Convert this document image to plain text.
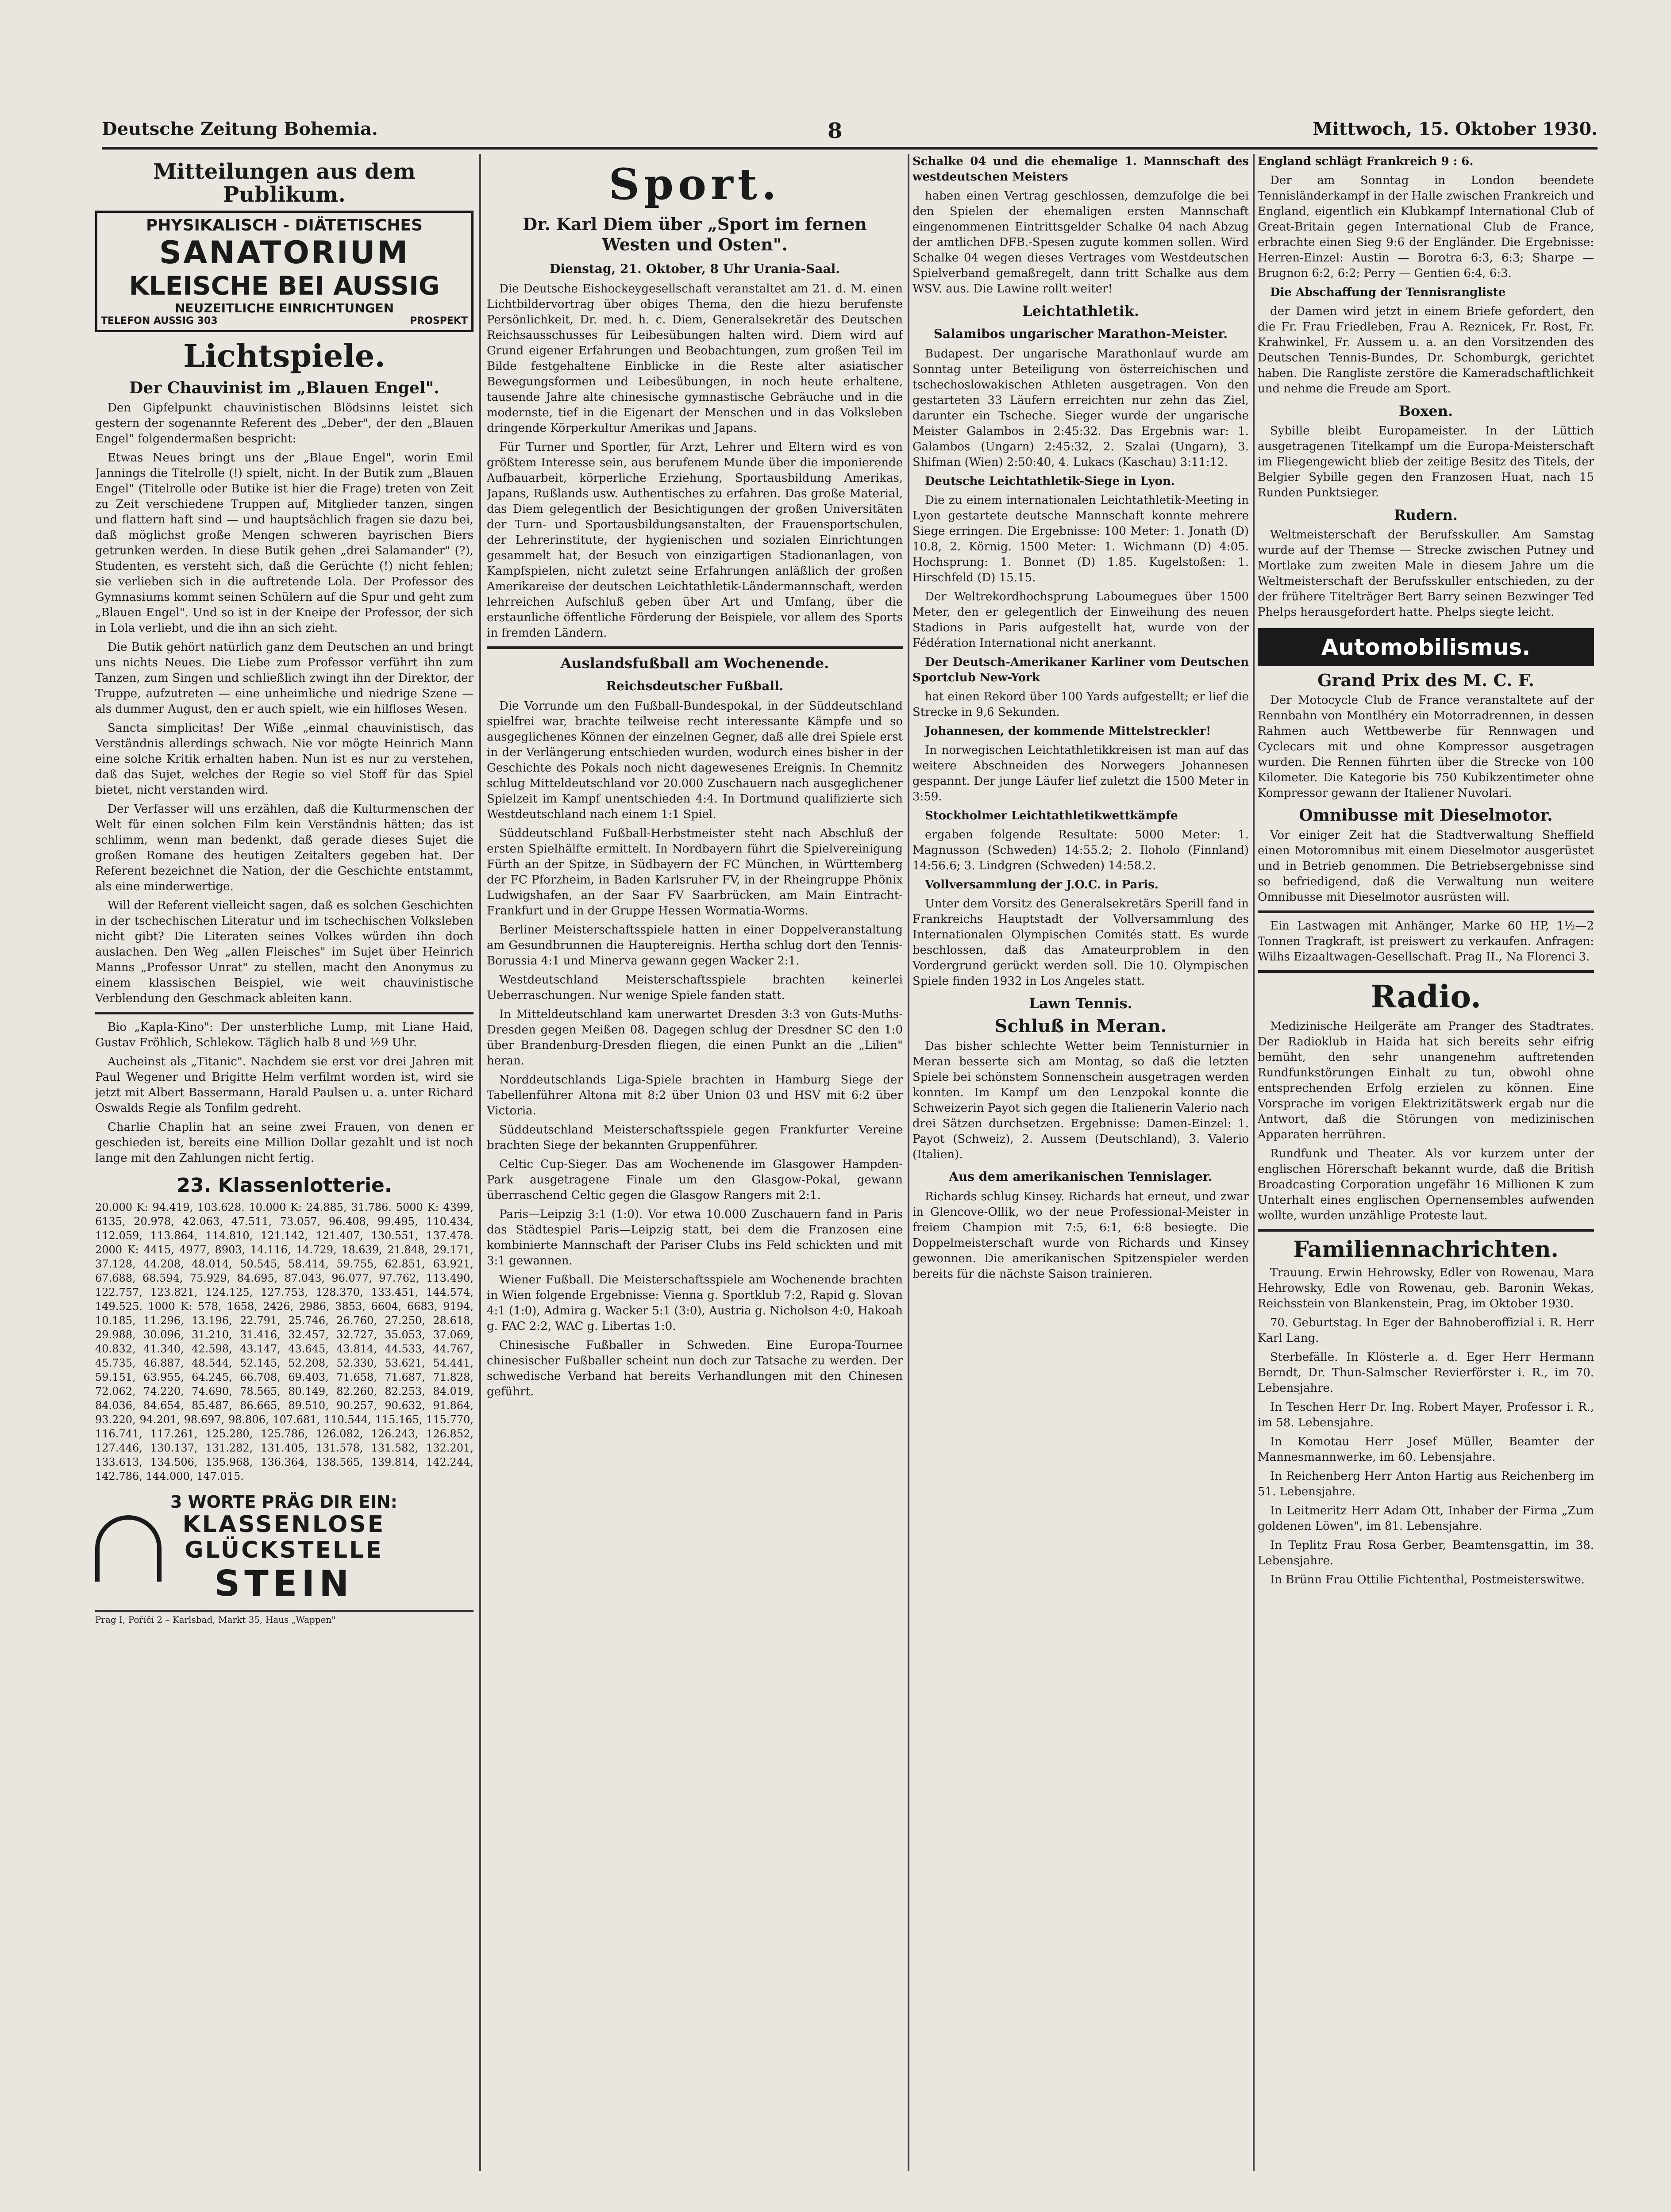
Deutsche Zeitung Bohemia.	8	Mittwoch, 15. Oktober 1930.
Mitteilungen aus dem Publikum.
PHYSIKALISCH - DIÄTETISCHES
SANATORIUM
KLEISCHE BEI AUSSIG
NEUZEITLICHE EINRICHTUNGEN
TELEFON AUSSIG 303	PROSPEKT
Lichtspiele.
Der Chauvinist im „Blauen Engel".

Den Gipfelpunkt chauvinistischen Blödsinns leistet sich gestern der sogenannte Referent des „Deber", der den „Blauen Engel" folgendermaßen bespricht:

Etwas Neues bringt uns der „Blaue Engel", worin Emil Jannings die Titelrolle (!) spielt, nicht. In der Butik zum „Blauen Engel" (Titelrolle oder Butike ist hier die Frage) treten von Zeit zu Zeit verschiedene Truppen auf, Mitglieder tanzen, singen und flattern haft sind — und hauptsächlich fragen sie dazu bei, daß möglichst große Mengen schweren bayrischen Biers getrunken werden. In diese Butik gehen „drei Salamander" (?), Studenten, es versteht sich, daß die Gerüchte (!) nicht fehlen; sie verlieben sich in die auftretende Lola. Der Professor des Gymnasiums kommt seinen Schülern auf die Spur und geht zum „Blauen Engel". Und so ist in der Kneipe der Professor, der sich in Lola verliebt, und die ihn an sich zieht.

Die Butik gehört natürlich ganz dem Deutschen an und bringt uns nichts Neues. Die Liebe zum Professor verführt ihn zum Tanzen, zum Singen und schließlich zwingt ihn der Direktor, der Truppe, aufzutreten — eine unheimliche und niedrige Szene — als dummer August, den er auch spielt, wie ein hilfloses Wesen.

Sancta simplicitas! Der Wiße „einmal chauvinistisch, das Verständnis allerdings schwach. Nie vor mögte Heinrich Mann eine solche Kritik erhalten haben. Nun ist es nur zu verstehen, daß das Sujet, welches der Regie so viel Stoff für das Spiel bietet, nicht verstanden wird.

Der Verfasser will uns erzählen, daß die Kulturmenschen der Welt für einen solchen Film kein Verständnis hätten; das ist schlimm, wenn man bedenkt, daß gerade dieses Sujet die großen Romane des heutigen Zeitalters gegeben hat. Der Referent bezeichnet die Nation, der die Geschichte entstammt, als eine minderwertige.

Will der Referent vielleicht sagen, daß es solchen Geschichten in der tschechischen Literatur und im tschechischen Volksleben nicht gibt? Die Literaten seines Volkes würden ihn doch auslachen. Den Weg „allen Fleisches" im Sujet über Heinrich Manns „Professor Unrat" zu stellen, macht den Anonymus zu einem klassischen Beispiel, wie weit chauvinistische Verblendung den Geschmack ableiten kann.

Bio „Kapla-Kino": Der unsterbliche Lump, mit Liane Haid, Gustav Fröhlich, Schlekow. Täglich halb 8 und ½9 Uhr.

Aucheinst als „Titanic". Nachdem sie erst vor drei Jahren mit Paul Wegener und Brigitte Helm verfilmt worden ist, wird sie jetzt mit Albert Bassermann, Harald Paulsen u. a. unter Richard Oswalds Regie als Tonfilm gedreht.

Charlie Chaplin hat an seine zwei Frauen, von denen er geschieden ist, bereits eine Million Dollar gezahlt und ist noch lange mit den Zahlungen nicht fertig.

23. Klassenlotterie.

20.000 K: 94.419, 103.628. 10.000 K: 24.885, 31.786. 5000 K: 4399, 6135, 20.978, 42.063, 47.511, 73.057, 96.408, 99.495, 110.434, 112.059, 113.864, 114.810, 121.142, 121.407, 130.551, 137.478. 2000 K: 4415, 4977, 8903, 14.116, 14.729, 18.639, 21.848, 29.171, 37.128, 44.208, 48.014, 50.545, 58.414, 59.755, 62.851, 63.921, 67.688, 68.594, 75.929, 84.695, 87.043, 96.077, 97.762, 113.490, 122.757, 123.821, 124.125, 127.753, 128.370, 133.451, 144.574, 149.525. 1000 K: 578, 1658, 2426, 2986, 3853, 6604, 6683, 9194, 10.185, 11.296, 13.196, 22.791, 25.746, 26.760, 27.250, 28.618, 29.988, 30.096, 31.210, 31.416, 32.457, 32.727, 35.053, 37.069, 40.832, 41.340, 42.598, 43.147, 43.645, 43.814, 44.533, 44.767, 45.735, 46.887, 48.544, 52.145, 52.208, 52.330, 53.621, 54.441, 59.151, 63.955, 64.245, 66.708, 69.403, 71.658, 71.687, 71.828, 72.062, 74.220, 74.690, 78.565, 80.149, 82.260, 82.253, 84.019, 84.036, 84.654, 85.487, 86.665, 89.510, 90.257, 90.632, 91.864, 93.220, 94.201, 98.697, 98.806, 107.681, 110.544, 115.165, 115.770, 116.741, 117.261, 125.280, 125.786, 126.082, 126.243, 126.852, 127.446, 130.137, 131.282, 131.405, 131.578, 131.582, 132.201, 133.613, 134.506, 135.968, 136.364, 138.565, 139.814, 142.244, 142.786, 144.000, 147.015.

3 WORTE PRÄG DIR EIN:
KLASSENLOSE
GLÜCKSTELLE
STEIN
Prag I, Poříčí 2 – Karlsbad, Markt 35, Haus „Wappen"
Sport.
Dr. Karl Diem über „Sport im fernen Westen und Osten".
Dienstag, 21. Oktober, 8 Uhr Urania-Saal.

Die Deutsche Eishockeygesellschaft veranstaltet am 21. d. M. einen Lichtbildervortrag über obiges Thema, den die hiezu berufenste Persönlichkeit, Dr. med. h. c. Diem, Generalsekretär des Deutschen Reichsausschusses für Leibesübungen halten wird. Diem wird auf Grund eigener Erfahrungen und Beobachtungen, zum großen Teil im Bilde festgehaltene Einblicke in die Reste alter asiatischer Bewegungsformen und Leibesübungen, in noch heute erhaltene, tausende Jahre alte chinesische gymnastische Gebräuche und in die modernste, tief in die Eigenart der Menschen und in das Volksleben dringende Körperkultur Amerikas und Japans.

Für Turner und Sportler, für Arzt, Lehrer und Eltern wird es von größtem Interesse sein, aus berufenem Munde über die imponierende Aufbauarbeit, körperliche Erziehung, Sportausbildung Amerikas, Japans, Rußlands usw. Authentisches zu erfahren. Das große Material, das Diem gelegentlich der Besichtigungen der großen Universitäten der Turn- und Sportausbildungsanstalten, der Frauensportschulen, der Lehrerinstitute, der hygienischen und sozialen Einrichtungen gesammelt hat, der Besuch von einzigartigen Stadionanlagen, von Kampfspielen, nicht zuletzt seine Erfahrungen anläßlich der großen Amerikareise der deutschen Leichtathletik-Ländermannschaft, werden lehrreichen Aufschluß geben über Art und Umfang, über die erstaunliche öffentliche Förderung der Beispiele, vor allem des Sports in fremden Ländern.

Auslandsfußball am Wochenende.
Reichsdeutscher Fußball.

Die Vorrunde um den Fußball-Bundespokal, in der Süddeutschland spielfrei war, brachte teilweise recht interessante Kämpfe und so ausgeglichenes Können der einzelnen Gegner, daß alle drei Spiele erst in der Verlängerung entschieden wurden, wodurch eines bisher in der Geschichte des Pokals noch nicht dagewesenes Ereignis. In Chemnitz schlug Mitteldeutschland vor 20.000 Zuschauern nach ausgeglichener Spielzeit im Kampf unentschieden 4:4. In Dortmund qualifizierte sich Westdeutschland nach einem 1:1 Spiel.

Süddeutschland Fußball-Herbstmeister steht nach Abschluß der ersten Spielhälfte ermittelt. In Nordbayern führt die Spielvereinigung Fürth an der Spitze, in Südbayern der FC München, in Württemberg der FC Pforzheim, in Baden Karlsruher FV, in der Rheingruppe Phönix Ludwigshafen, an der Saar FV Saarbrücken, am Main Eintracht-Frankfurt und in der Gruppe Hessen Wormatia-Worms.

Berliner Meisterschaftsspiele hatten in einer Doppelveranstaltung am Gesundbrunnen die Hauptereignis. Hertha schlug dort den Tennis-Borussia 4:1 und Minerva gewann gegen Wacker 2:1.

Westdeutschland Meisterschaftsspiele brachten keinerlei Ueberraschungen. Nur wenige Spiele fanden statt.

In Mitteldeutschland kam unerwartet Dresden 3:3 von Guts-Muths-Dresden gegen Meißen 08. Dagegen schlug der Dresdner SC den 1:0 über Brandenburg-Dresden fliegen, die einen Punkt an die „Lilien" heran.

Norddeutschlands Liga-Spiele brachten in Hamburg Siege der Tabellenführer Altona mit 8:2 über Union 03 und HSV mit 6:2 über Victoria.

Süddeutschland Meisterschaftsspiele gegen Frankfurter Vereine brachten Siege der bekannten Gruppenführer.

Celtic Cup-Sieger. Das am Wochenende im Glasgower Hampden-Park ausgetragene Finale um den Glasgow-Pokal, gewann überraschend Celtic gegen die Glasgow Rangers mit 2:1.

Paris—Leipzig 3:1 (1:0). Vor etwa 10.000 Zuschauern fand in Paris das Städtespiel Paris—Leipzig statt, bei dem die Franzosen eine kombinierte Mannschaft der Pariser Clubs ins Feld schickten und mit 3:1 gewannen.

Wiener Fußball. Die Meisterschaftsspiele am Wochenende brachten in Wien folgende Ergebnisse: Vienna g. Sportklub 7:2, Rapid g. Slovan 4:1 (1:0), Admira g. Wacker 5:1 (3:0), Austria g. Nicholson 4:0, Hakoah g. FAC 2:2, WAC g. Libertas 1:0.

Chinesische Fußballer in Schweden. Eine Europa-Tournee chinesischer Fußballer scheint nun doch zur Tatsache zu werden. Der schwedische Verband hat bereits Verhandlungen mit den Chinesen geführt.

Schalke 04 und die ehemalige 1. Mannschaft des westdeutschen Meisters

haben einen Vertrag geschlossen, demzufolge die bei den Spielen der ehemaligen ersten Mannschaft eingenommenen Eintrittsgelder Schalke 04 nach Abzug der amtlichen DFB.-Spesen zugute kommen sollen. Wird Schalke 04 wegen dieses Vertrages vom Westdeutschen Spielverband gemaßregelt, dann tritt Schalke aus dem WSV. aus. Die Lawine rollt weiter!

Leichtathletik.
Salamibos ungarischer Marathon-Meister.

Budapest. Der ungarische Marathonlauf wurde am Sonntag unter Beteiligung von österreichischen und tschechoslowakischen Athleten ausgetragen. Von den gestarteten 33 Läufern erreichten nur zehn das Ziel, darunter ein Tscheche. Sieger wurde der ungarische Meister Galambos in 2:45:32. Das Ergebnis war: 1. Galambos (Ungarn) 2:45:32, 2. Szalai (Ungarn), 3. Shifman (Wien) 2:50:40, 4. Lukacs (Kaschau) 3:11:12.

Deutsche Leichtathletik-Siege in Lyon.

Die zu einem internationalen Leichtathletik-Meeting in Lyon gestartete deutsche Mannschaft konnte mehrere Siege erringen. Die Ergebnisse: 100 Meter: 1. Jonath (D) 10.8, 2. Körnig. 1500 Meter: 1. Wichmann (D) 4:05. Hochsprung: 1. Bonnet (D) 1.85. Kugelstoßen: 1. Hirschfeld (D) 15.15.

Der Weltrekordhochsprung Laboumegues über 1500 Meter, den er gelegentlich der Einweihung des neuen Stadions in Paris aufgestellt hat, wurde von der Fédération International nicht anerkannt.

Der Deutsch-Amerikaner Karliner vom Deutschen Sportclub New-York

hat einen Rekord über 100 Yards aufgestellt; er lief die Strecke in 9,6 Sekunden.

Johannesen, der kommende Mittelstreckler!

In norwegischen Leichtathletikkreisen ist man auf das weitere Abschneiden des Norwegers Johannesen gespannt. Der junge Läufer lief zuletzt die 1500 Meter in 3:59.

Stockholmer Leichtathletikwettkämpfe

ergaben folgende Resultate: 5000 Meter: 1. Magnusson (Schweden) 14:55.2; 2. Iloholo (Finnland) 14:56.6; 3. Lindgren (Schweden) 14:58.2.

Vollversammlung der J.O.C. in Paris.

Unter dem Vorsitz des Generalsekretärs Sperill fand in Frankreichs Hauptstadt der Vollversammlung des Internationalen Olympischen Comités statt. Es wurde beschlossen, daß das Amateurproblem in den Vordergrund gerückt werden soll. Die 10. Olympischen Spiele finden 1932 in Los Angeles statt.

Lawn Tennis.
Schluß in Meran.

Das bisher schlechte Wetter beim Tennisturnier in Meran besserte sich am Montag, so daß die letzten Spiele bei schönstem Sonnenschein ausgetragen werden konnten. Im Kampf um den Lenzpokal konnte die Schweizerin Payot sich gegen die Italienerin Valerio nach drei Sätzen durchsetzen. Ergebnisse: Damen-Einzel: 1. Payot (Schweiz), 2. Aussem (Deutschland), 3. Valerio (Italien).

Aus dem amerikanischen Tennislager.

Richards schlug Kinsey. Richards hat erneut, und zwar in Glencove-Ollik, wo der neue Professional-Meister in freiem Champion mit 7:5, 6:1, 6:8 besiegte. Die Doppelmeisterschaft wurde von Richards und Kinsey gewonnen. Die amerikanischen Spitzenspieler werden bereits für die nächste Saison trainieren.

England schlägt Frankreich 9 : 6.

Der am Sonntag in London beendete Tennisländerkampf in der Halle zwischen Frankreich und England, eigentlich ein Klubkampf International Club of Great-Britain gegen International Club de France, erbrachte einen Sieg 9:6 der Engländer. Die Ergebnisse: Herren-Einzel: Austin — Borotra 6:3, 6:3; Sharpe — Brugnon 6:2, 6:2; Perry — Gentien 6:4, 6:3.

Die Abschaffung der Tennisrangliste

der Damen wird jetzt in einem Briefe gefordert, den die Fr. Frau Friedleben, Frau A. Reznicek, Fr. Rost, Fr. Krahwinkel, Fr. Aussem u. a. an den Vorsitzenden des Deutschen Tennis-Bundes, Dr. Schomburgk, gerichtet haben. Die Rangliste zerstöre die Kameradschaftlichkeit und nehme die Freude am Sport.

Boxen.

Sybille bleibt Europameister. In der Lüttich ausgetragenen Titelkampf um die Europa-Meisterschaft im Fliegengewicht blieb der zeitige Besitz des Titels, der Belgier Sybille gegen den Franzosen Huat, nach 15 Runden Punktsieger.

Rudern.

Weltmeisterschaft der Berufsskuller. Am Samstag wurde auf der Themse — Strecke zwischen Putney und Mortlake zum zweiten Male in diesem Jahre um die Weltmeisterschaft der Berufsskuller entschieden, zu der der frühere Titelträger Bert Barry seinen Bezwinger Ted Phelps herausgefordert hatte. Phelps siegte leicht.

Automobilismus.
Grand Prix des M. C. F.

Der Motocycle Club de France veranstaltete auf der Rennbahn von Montlhéry ein Motorradrennen, in dessen Rahmen auch Wettbewerbe für Rennwagen und Cyclecars mit und ohne Kompressor ausgetragen wurden. Die Rennen führten über die Strecke von 100 Kilometer. Die Kategorie bis 750 Kubikzentimeter ohne Kompressor gewann der Italiener Nuvolari.

Omnibusse mit Dieselmotor.

Vor einiger Zeit hat die Stadtverwaltung Sheffield einen Motoromnibus mit einem Dieselmotor ausgerüstet und in Betrieb genommen. Die Betriebsergebnisse sind so befriedigend, daß die Verwaltung nun weitere Omnibusse mit Dieselmotor ausrüsten will.

Ein Lastwagen mit Anhänger, Marke 60 HP, 1½—2 Tonnen Tragkraft, ist preiswert zu verkaufen. Anfragen: Wilhs Eizaaltwagen-Gesellschaft. Prag II., Na Florenci 3.

Radio.

Medizinische Heilgeräte am Pranger des Stadtrates. Der Radioklub in Haida hat sich bereits sehr eifrig bemüht, den sehr unangenehm auftretenden Rundfunkstörungen Einhalt zu tun, obwohl ohne entsprechenden Erfolg erzielen zu können. Eine Vorsprache im vorigen Elektrizitätswerk ergab nur die Antwort, daß die Störungen von medizinischen Apparaten herrühren.

Rundfunk und Theater. Als vor kurzem unter der englischen Hörerschaft bekannt wurde, daß die British Broadcasting Corporation ungefähr 16 Millionen K zum Unterhalt eines englischen Opernensembles aufwenden wollte, wurden unzählige Proteste laut.

Familiennachrichten.

Trauung. Erwin Hehrowsky, Edler von Rowenau, Mara Hehrowsky, Edle von Rowenau, geb. Baronin Wekas, Reichsstein von Blankenstein, Prag, im Oktober 1930.

70. Geburtstag. In Eger der Bahnoberoffizial i. R. Herr Karl Lang.

Sterbefälle. In Klösterle a. d. Eger Herr Hermann Berndt, Dr. Thun-Salmscher Revierförster i. R., im 70. Lebensjahre.

In Teschen Herr Dr. Ing. Robert Mayer, Professor i. R., im 58. Lebensjahre.

In Komotau Herr Josef Müller, Beamter der Mannesmannwerke, im 60. Lebensjahre.

In Reichenberg Herr Anton Hartig aus Reichenberg im 51. Lebensjahre.

In Leitmeritz Herr Adam Ott, Inhaber der Firma „Zum goldenen Löwen", im 81. Lebensjahre.

In Teplitz Frau Rosa Gerber, Beamtensgattin, im 38. Lebensjahre.

In Brünn Frau Ottilie Fichtenthal, Postmeisterswitwe.
